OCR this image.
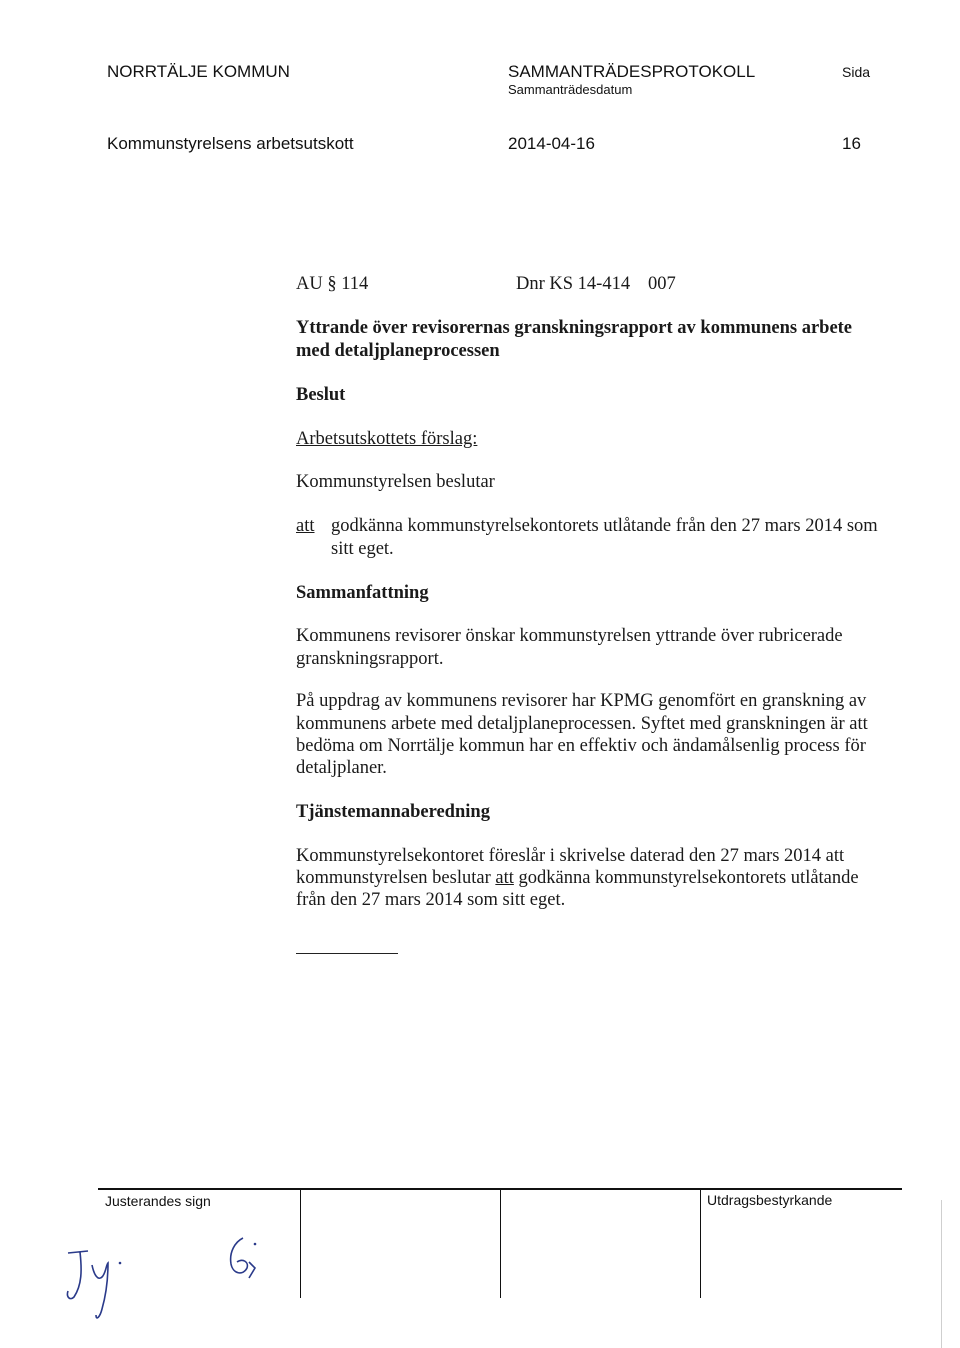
NORRTÄLJE KOMMUN	SAMMANTRÄDESPROTOKOLL
Sammanträdesdatum
Sida
Kommunstyrelsens arbetsutskott	2014-04-16	16
AU § 114	Dnr KS 14-414 007
Yttrande över revisorernas granskningsrapport av kommunens arbete
med detaljplaneprocessen
Beslut
Arbetsutskottets förslag:
Kommunstyrelsen beslutar
att godkänna kommunstyrelsekontorets utlåtande från den 27 mars 2014 som
sitt eget.
Sammanfattning
Kommunens revisorer önskar kommunstyrelsen yttrande över rubricerade
granskningsrapport.
På uppdrag av kommunens revisorer har KPMG genomfört en granskning av
kommunens arbete med detaljplaneprocessen. Syftet med granskningen är att
bedöma om Norrtälje kommun har en effektiv och ändamålsenlig process för
detaljplaner.
Tjänstemannaberedning
Kommunstyrelsekontoret föreslår i skrivelse daterad den 27 mars 2014 att
kommunstyrelsen beslutar att godkänna kommunstyrelsekontorets utlåtande
från den 27 mars 2014 som sitt eget.
Justerandes sign	Utdragsbestyrkande
